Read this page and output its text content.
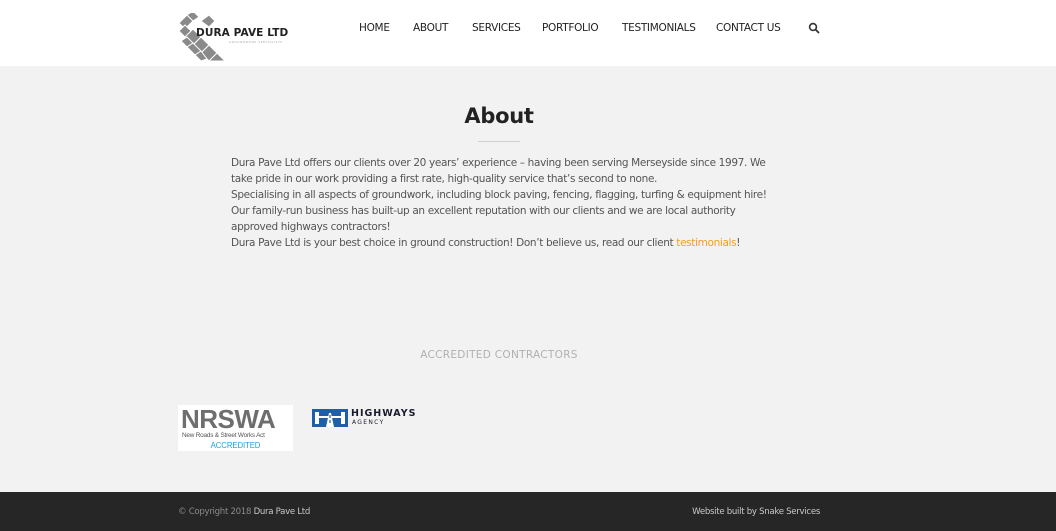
DURA PAVE LTD
GROUNDWORK SPECIALISTS
HOME ABOUT SERVICES PORTFOLIO TESTIMONIALS CONTACT US
About

Dura Pave Ltd offers our clients over 20 years’ experience – having been serving Merseyside since 1997. We

take pride in our work providing a first rate, high-quality service that’s second to none.

Specialising in all aspects of groundwork, including block paving, fencing, flagging, turfing & equipment hire!

Our family-run business has built-up an excellent reputation with our clients and we are local authority

approved highways contractors!

Dura Pave Ltd is your best choice in ground construction! Don’t believe us, read our client testimonials!

ACCREDITED CONTRACTORS
NRSWA
New Roads & Street Works Act
ACCREDITED
HIGHWAYS
AGENCY
© Copyright 2018 Dura Pave Ltd	Website built by Snake Services
